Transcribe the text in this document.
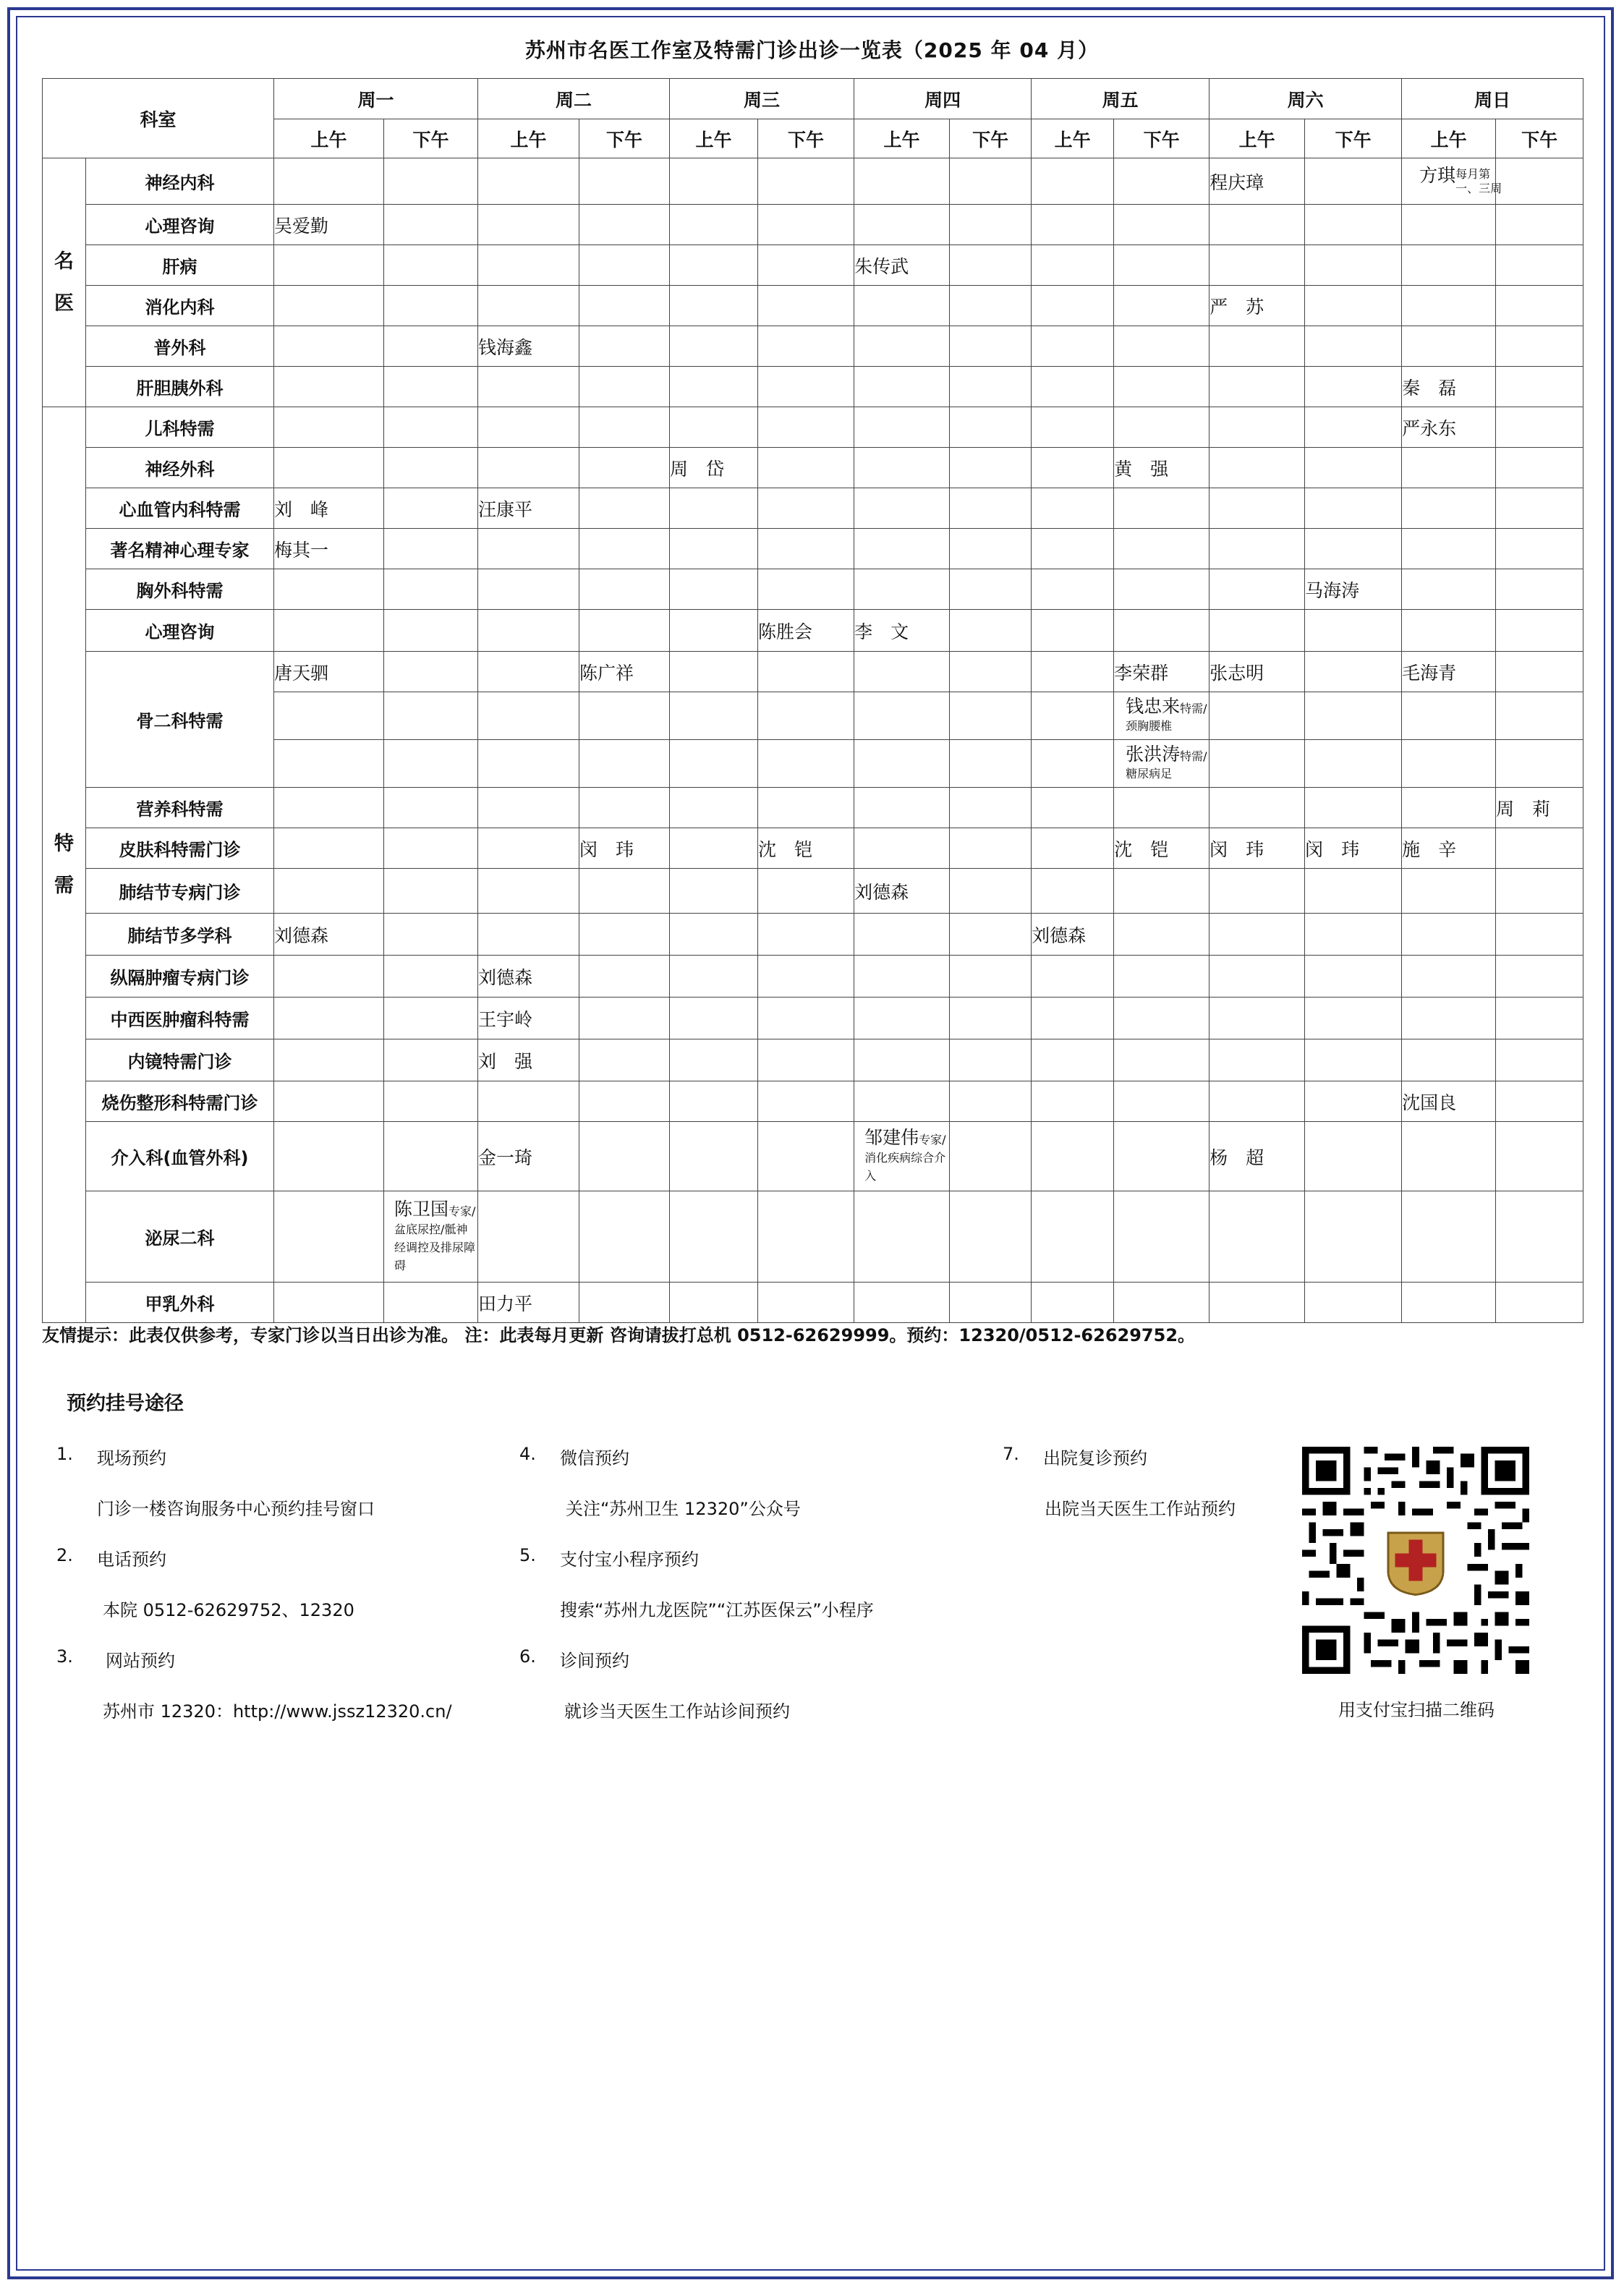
苏州市名医工作室及特需门诊出诊一览表（2025 年 04 月）
科室		周一		周二		周三		周四		周五		周六		周日	
		上午	下午	上午	下午	上午	下午	上午	下午	上午	下午	上午	下午	上午	下午
名医	神经内科											程庆璋		方琪每月第一、三周	
	心理咨询	吴爱勤													
	肝病							朱传武							
	消化内科											严　苏			
	普外科			钱海鑫											
	肝胆胰外科													秦　磊	
特需	儿科特需													严永东	
	神经外科					周　岱					黄　强				
	心血管内科特需	刘　峰		汪康平											
	著名精神心理专家	梅其一													
	胸外科特需												马海涛		
	心理咨询						陈胜会	李　文							
	骨二科特需	唐天驷			陈广祥						李荣群	张志明		毛海青	
											钱忠来特需/颈胸腰椎				
											张洪涛特需/糖尿病足				
	营养科特需														周　莉
	皮肤科特需门诊				闵　玮		沈　铠				沈　铠	闵　玮	闵　玮	施　辛	
	肺结节专病门诊							刘德森							
	肺结节多学科	刘德森								刘德森					
	纵隔肿瘤专病门诊			刘德森											
	中西医肿瘤科特需			王宇岭											
	内镜特需门诊			刘　强											
	烧伤整形科特需门诊													沈国良	
	介入科(血管外科)			金一琦				邹建伟专家/消化疾病综合介入				杨　超			
	泌尿二科		陈卫国专家/盆底尿控/骶神经调控及排尿障碍												
	甲乳外科			田力平											
友情提示：此表仅供参考，专家门诊以当日出诊为准。 注：此表每月更新 咨询请拔打总机 0512-62629999。预约：12320/0512-62629752。
预约挂号途径
1. 现场预约
门诊一楼咨询服务中心预约挂号窗口
2. 电话预约
本院 0512-62629752、12320
3. 网站预约
苏州市 12320：http://www.jssz12320.cn/
4. 微信预约
关注“苏州卫生 12320”公众号
5. 支付宝小程序预约
搜索“苏州九龙医院”“江苏医保云”小程序
6. 诊间预约
就诊当天医生工作站诊间预约
7. 出院复诊预约
出院当天医生工作站预约
用支付宝扫描二维码
